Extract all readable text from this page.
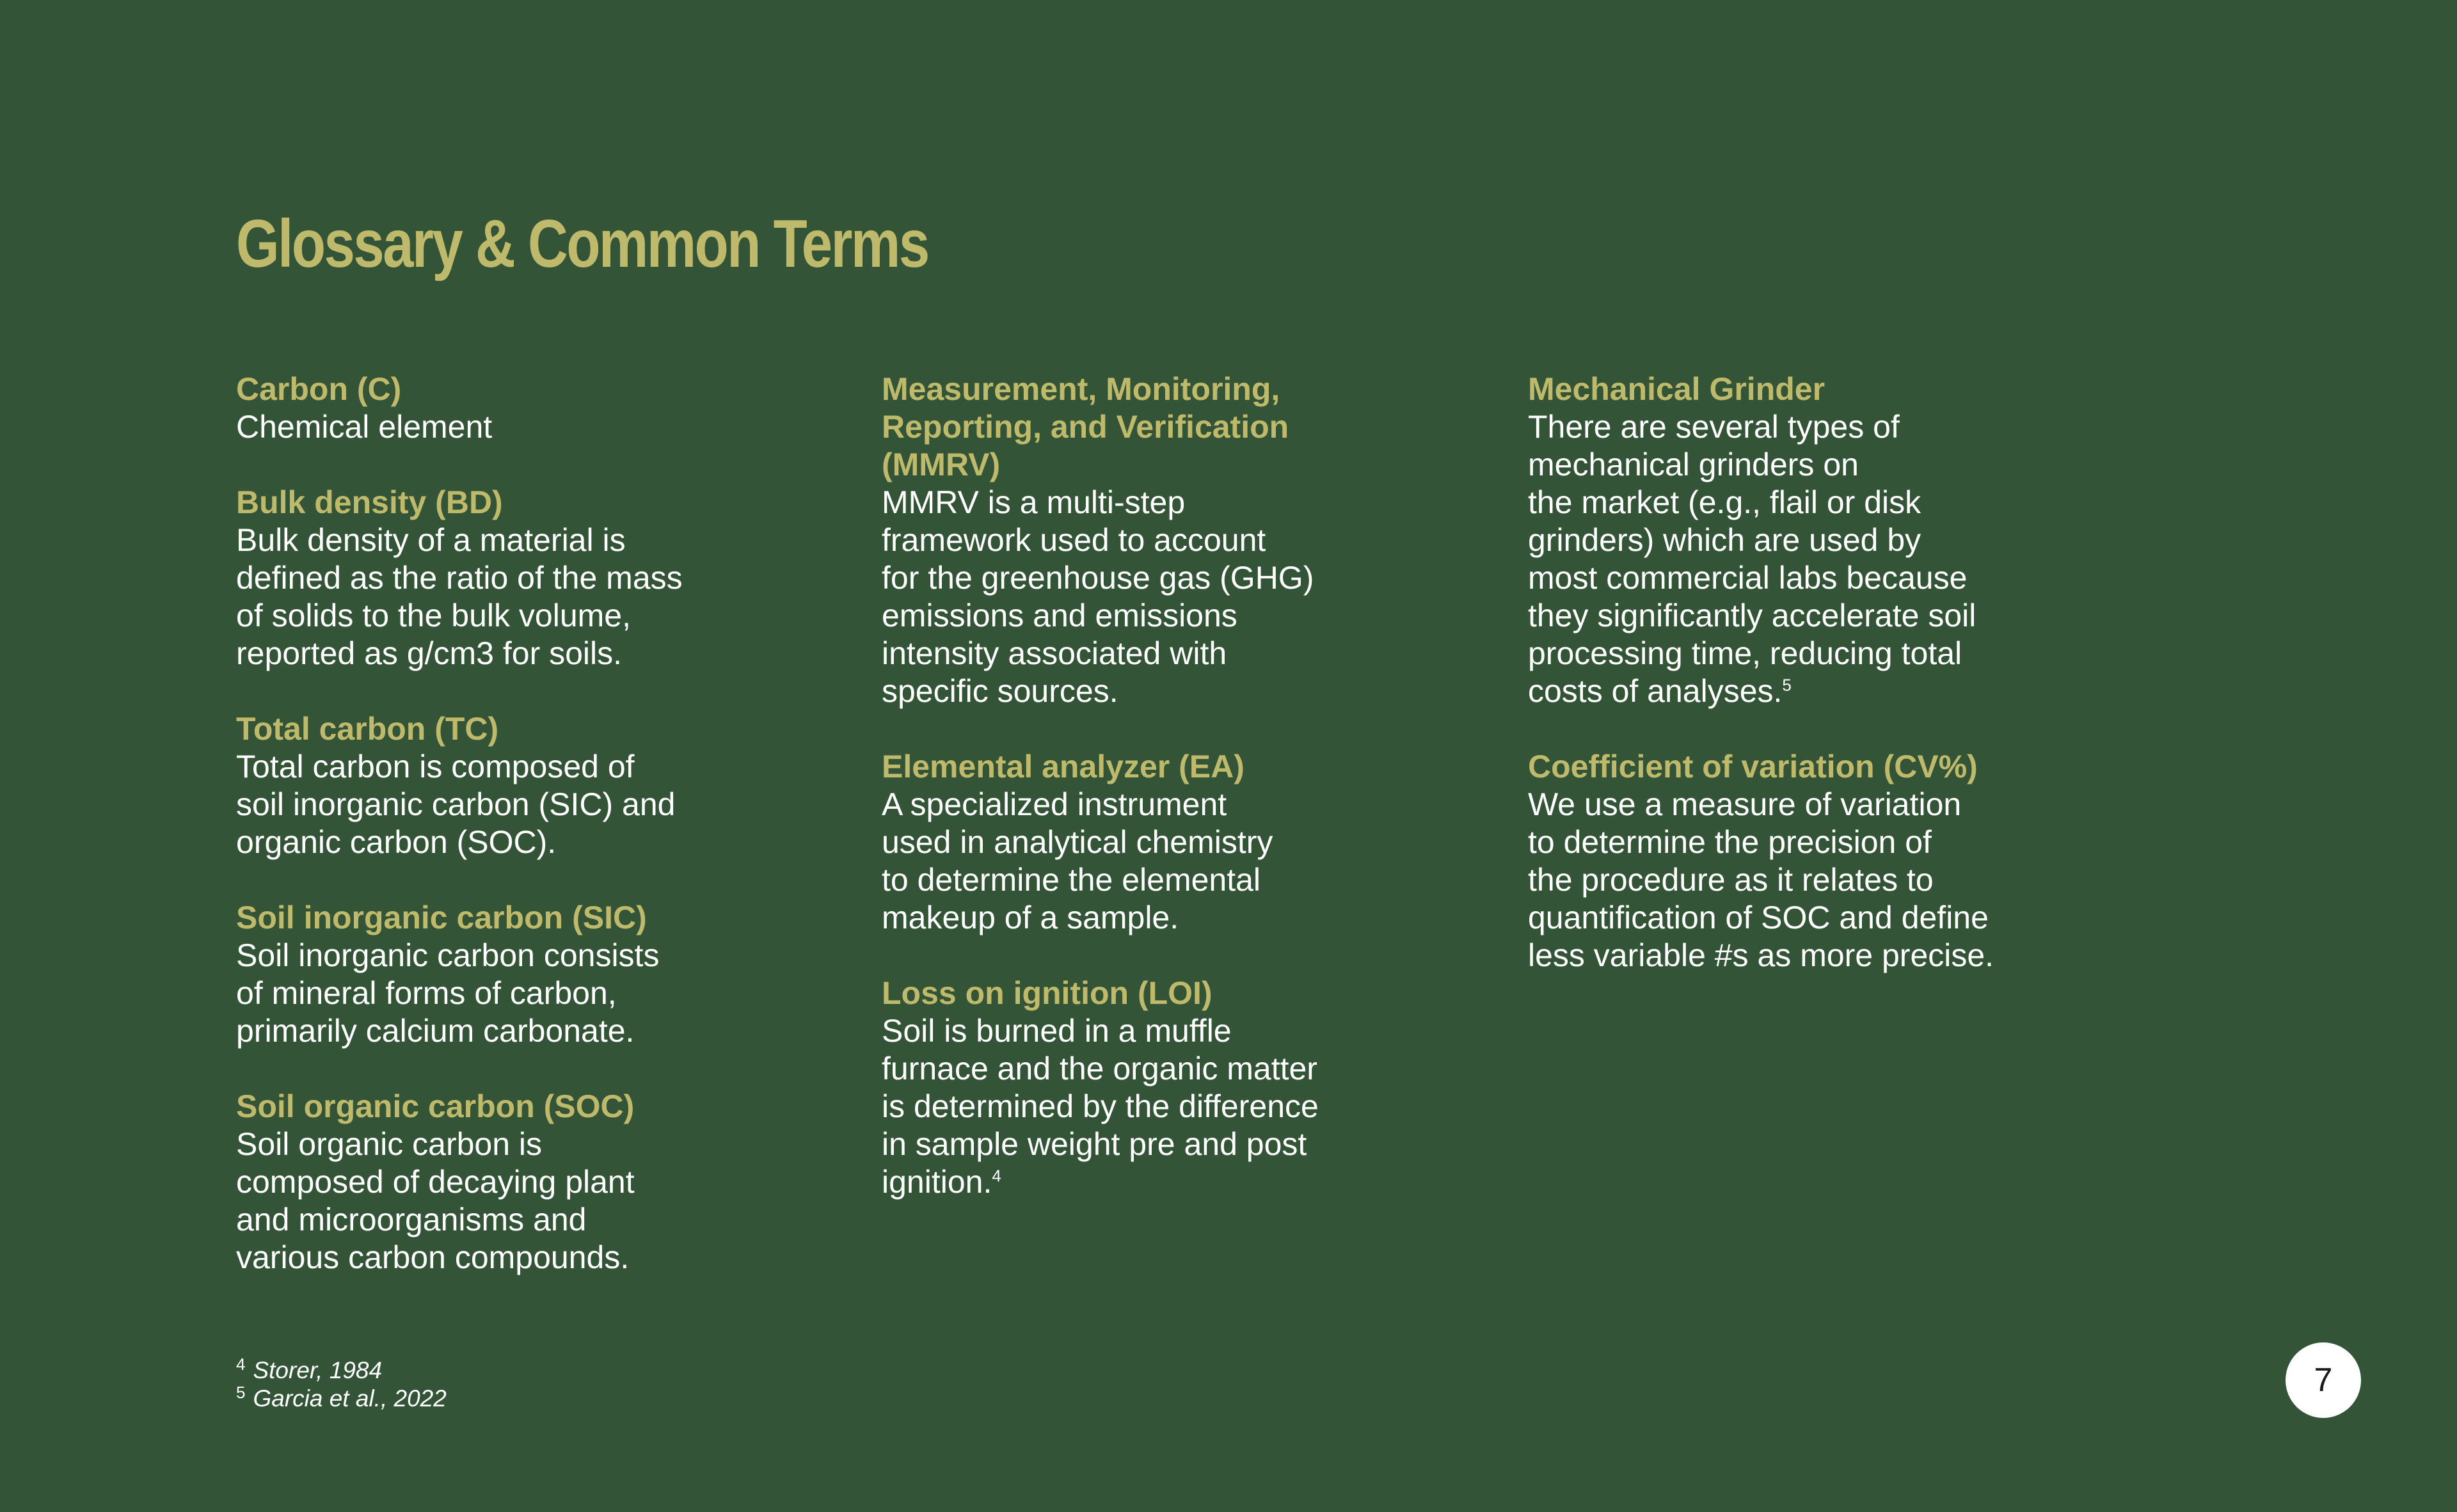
Glossary & Common Terms
Carbon (C)
Chemical element
Bulk density (BD)
Bulk density of a material is
defined as the ratio of the mass
of solids to the bulk volume,
reported as g/cm3 for soils.
Total carbon (TC)
Total carbon is composed of
soil inorganic carbon (SIC) and
organic carbon (SOC).
Soil inorganic carbon (SIC)
Soil inorganic carbon consists
of mineral forms of carbon,
primarily calcium carbonate.
Soil organic carbon (SOC)
Soil organic carbon is
composed of decaying plant
and microorganisms and
various carbon compounds.
Measurement, Monitoring,
Reporting, and Verification
(MMRV)
MMRV is a multi-step
framework used to account
for the greenhouse gas (GHG)
emissions and emissions
intensity associated with
specific sources.
Elemental analyzer (EA)
A specialized instrument
used in analytical chemistry
to determine the elemental
makeup of a sample.
Loss on ignition (LOI)
Soil is burned in a muffle
furnace and the organic matter
is determined by the difference
in sample weight pre and post
ignition.$^4$
Mechanical Grinder
There are several types of
mechanical grinders on
the market (e.g., flail or disk
grinders) which are used by
most commercial labs because
they significantly accelerate soil
processing time, reducing total
costs of analyses.$^5$
Coefficient of variation (CV%)
We use a measure of variation
to determine the precision of
the procedure as it relates to
quantification of SOC and define
less variable #s as more precise.
$^4$ Storer, 1984
$^5$ Garcia et al., 2022	7
